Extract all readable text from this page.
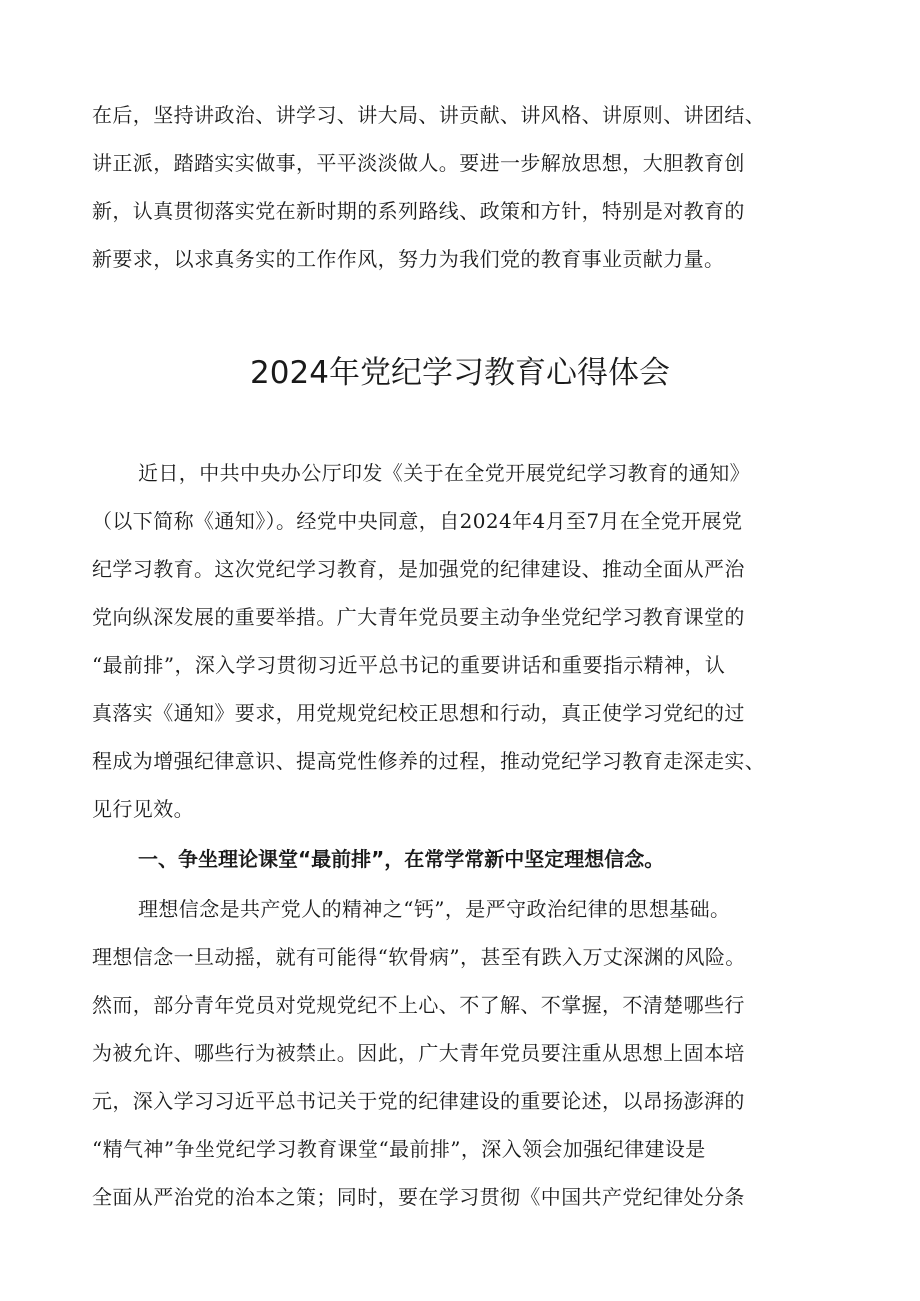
在后，坚持讲政治、讲学习、讲大局、讲贡献、讲风格、讲原则、讲团结、
讲正派，踏踏实实做事，平平淡淡做人。要进一步解放思想，大胆教育创
新，认真贯彻落实党在新时期的系列路线、政策和方针，特别是对教育的
新要求，以求真务实的工作作风，努力为我们党的教育事业贡献力量。
2024年党纪学习教育心得体会
近日，中共中央办公厅印发《关于在全党开展党纪学习教育的通知》
（以下简称《通知》）。经党中央同意，自2024年4月至7月在全党开展党
纪学习教育。这次党纪学习教育，是加强党的纪律建设、推动全面从严治
党向纵深发展的重要举措。广大青年党员要主动争坐党纪学习教育课堂的
“最前排”，深入学习贯彻习近平总书记的重要讲话和重要指示精神，认
真落实《通知》要求，用党规党纪校正思想和行动，真正使学习党纪的过
程成为增强纪律意识、提高党性修养的过程，推动党纪学习教育走深走实、
见行见效。
一、争坐理论课堂“最前排”，在常学常新中坚定理想信念。
理想信念是共产党人的精神之“钙”，是严守政治纪律的思想基础。
理想信念一旦动摇，就有可能得“软骨病”，甚至有跌入万丈深渊的风险。
然而，部分青年党员对党规党纪不上心、不了解、不掌握，不清楚哪些行
为被允许、哪些行为被禁止。因此，广大青年党员要注重从思想上固本培
元，深入学习习近平总书记关于党的纪律建设的重要论述，以昂扬澎湃的
“精气神”争坐党纪学习教育课堂“最前排”，深入领会加强纪律建设是
全面从严治党的治本之策；同时，要在学习贯彻《中国共产党纪律处分条
